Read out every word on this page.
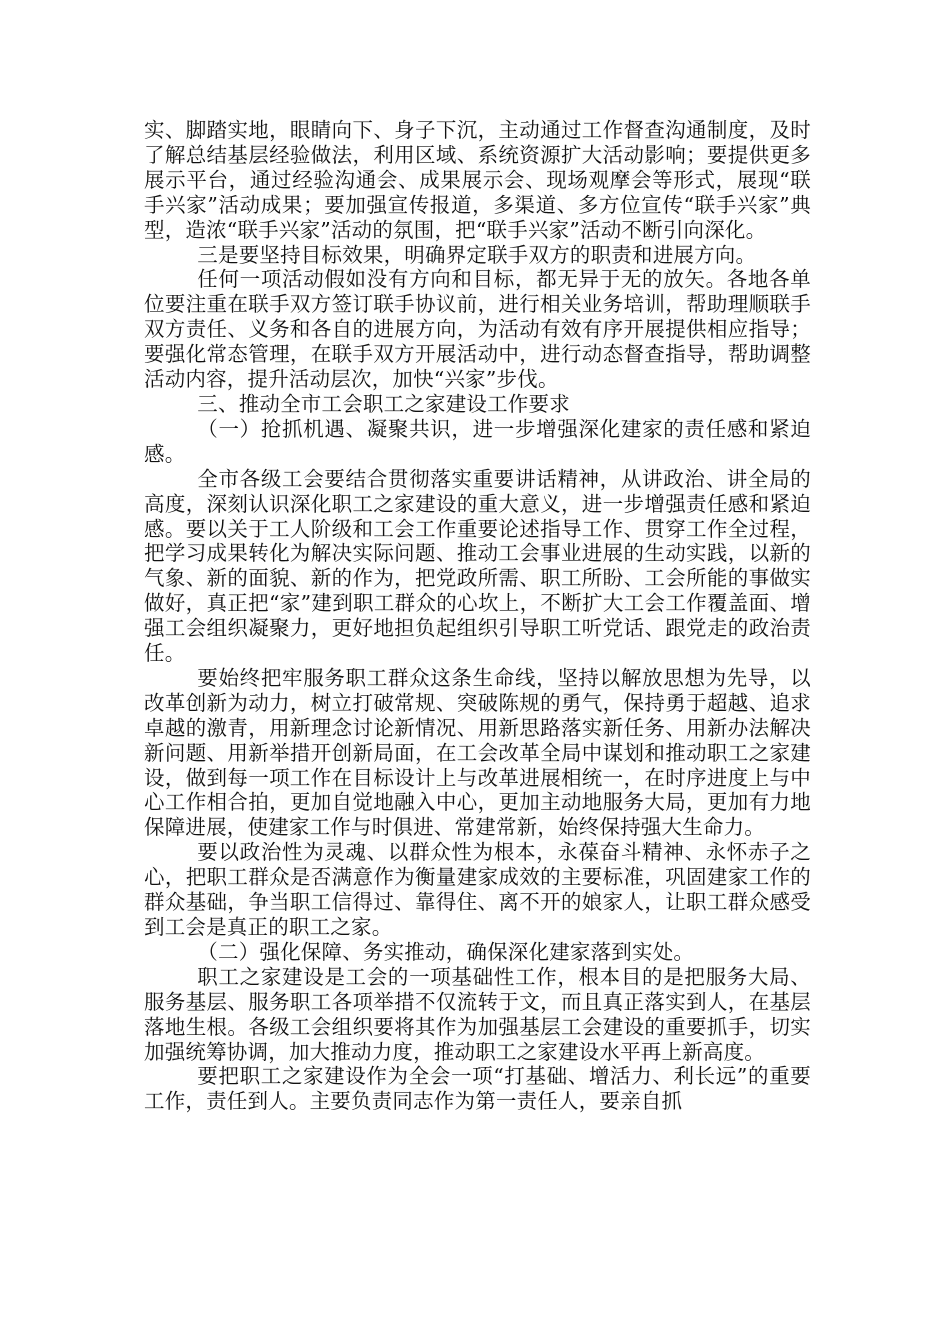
实、脚踏实地，眼睛向下、身子下沉，主动通过工作督查沟通制度，及时了解总结基层经验做法，利用区域、系统资源扩大活动影响；要提供更多展示平台，通过经验沟通会、成果展示会、现场观摩会等形式，展现“联手兴家”活动成果；要加强宣传报道，多渠道、多方位宣传“联手兴家”典型，造浓“联手兴家”活动的氛围，把“联手兴家”活动不断引向深化。

三是要坚持目标效果，明确界定联手双方的职责和进展方向。

任何一项活动假如没有方向和目标，都无异于无的放矢。各地各单位要注重在联手双方签订联手协议前，进行相关业务培训，帮助理顺联手双方责任、义务和各自的进展方向，为活动有效有序开展提供相应指导；要强化常态管理，在联手双方开展活动中，进行动态督查指导，帮助调整活动内容，提升活动层次，加快“兴家”步伐。

三、推动全市工会职工之家建设工作要求

（一）抢抓机遇、凝聚共识，进一步增强深化建家的责任感和紧迫感。

全市各级工会要结合贯彻落实重要讲话精神，从讲政治、讲全局的高度，深刻认识深化职工之家建设的重大意义，进一步增强责任感和紧迫感。要以关于工人阶级和工会工作重要论述指导工作、贯穿工作全过程，把学习成果转化为解决实际问题、推动工会事业进展的生动实践，以新的气象、新的面貌、新的作为，把党政所需、职工所盼、工会所能的事做实做好，真正把“家”建到职工群众的心坎上，不断扩大工会工作覆盖面、增强工会组织凝聚力，更好地担负起组织引导职工听党话、跟党走的政治责任。

要始终把牢服务职工群众这条生命线，坚持以解放思想为先导，以改革创新为动力，树立打破常规、突破陈规的勇气，保持勇于超越、追求卓越的激青，用新理念讨论新情况、用新思路落实新任务、用新办法解决新问题、用新举措开创新局面，在工会改革全局中谋划和推动职工之家建设，做到每一项工作在目标设计上与改革进展相统一，在时序进度上与中心工作相合拍，更加自觉地融入中心，更加主动地服务大局，更加有力地保障进展，使建家工作与时俱进、常建常新，始终保持强大生命力。

要以政治性为灵魂、以群众性为根本，永葆奋斗精神、永怀赤子之心，把职工群众是否满意作为衡量建家成效的主要标准，巩固建家工作的群众基础，争当职工信得过、靠得住、离不开的娘家人，让职工群众感受到工会是真正的职工之家。

（二）强化保障、务实推动，确保深化建家落到实处。

职工之家建设是工会的一项基础性工作，根本目的是把服务大局、服务基层、服务职工各项举措不仅流转于文，而且真正落实到人，在基层落地生根。各级工会组织要将其作为加强基层工会建设的重要抓手，切实加强统筹协调，加大推动力度，推动职工之家建设水平再上新高度。

要把职工之家建设作为全会一项“打基础、增活力、利长远”的重要工作，责任到人。主要负责同志作为第一责任人，要亲自抓
